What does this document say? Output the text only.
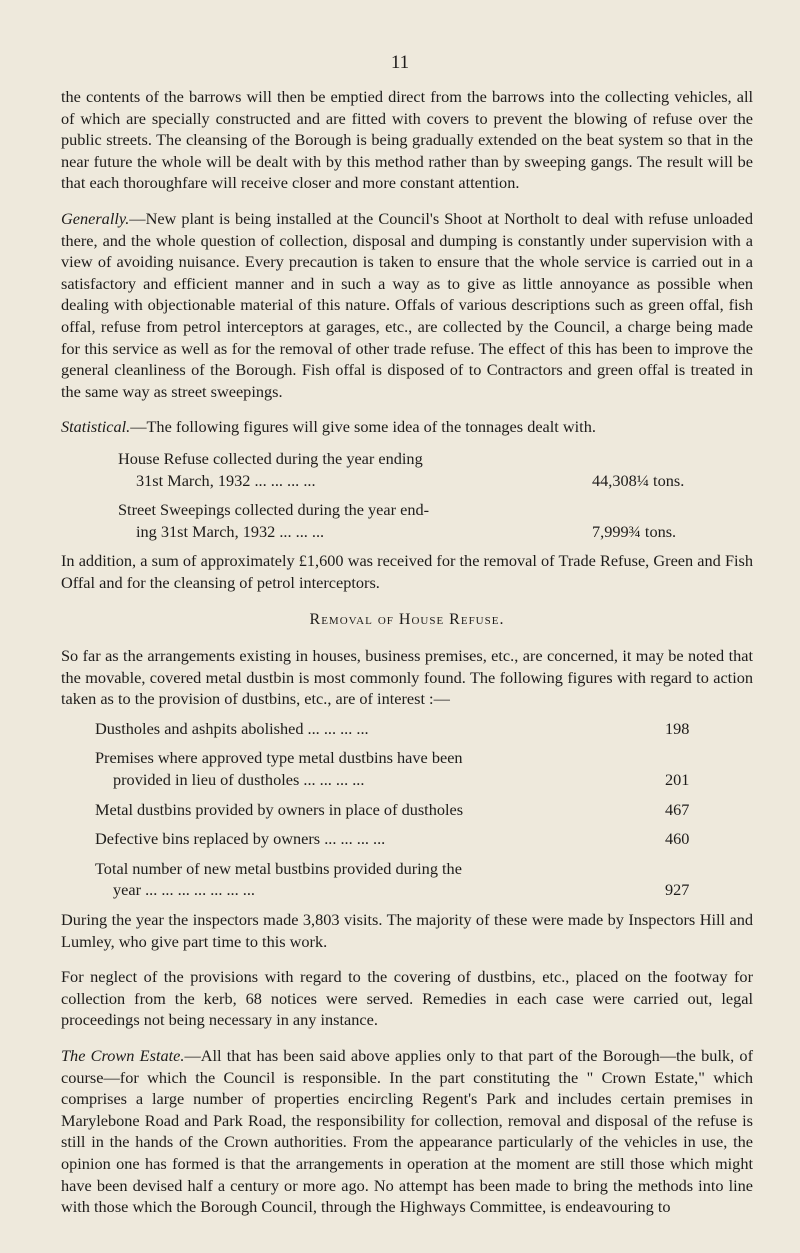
11

the contents of the barrows will then be emptied direct from the barrows into the collecting vehicles, all of which are specially constructed and are fitted with covers to prevent the blowing of refuse over the public streets. The cleansing of the Borough is being gradually extended on the beat system so that in the near future the whole will be dealt with by this method rather than by sweeping gangs. The result will be that each thoroughfare will receive closer and more constant attention.

Generally.—New plant is being installed at the Council's Shoot at Northolt to deal with refuse unloaded there, and the whole question of collection, disposal and dumping is constantly under supervision with a view of avoiding nuisance. Every precaution is taken to ensure that the whole service is carried out in a satisfactory and efficient manner and in such a way as to give as little annoyance as possible when dealing with objectionable material of this nature. Offals of various descriptions such as green offal, fish offal, refuse from petrol interceptors at garages, etc., are collected by the Council, a charge being made for this service as well as for the removal of other trade refuse. The effect of this has been to improve the general cleanliness of the Borough. Fish offal is disposed of to Contractors and green offal is treated in the same way as street sweepings.

Statistical.—The following figures will give some idea of the tonnages dealt with.

House Refuse collected during the year ending
31st March, 1932 ... ... ... ...	44,308¼ tons.
Street Sweepings collected during the year end-
ing 31st March, 1932 ... ... ...	7,999¾ tons.

In addition, a sum of approximately £1,600 was received for the removal of Trade Refuse, Green and Fish Offal and for the cleansing of petrol interceptors.

Removal of House Refuse.

So far as the arrangements existing in houses, business premises, etc., are concerned, it may be noted that the movable, covered metal dustbin is most commonly found. The following figures with regard to action taken as to the provision of dustbins, etc., are of interest :—

Dustholes and ashpits abolished ... ... ... ...	198
Premises where approved type metal dustbins have been
provided in lieu of dustholes ... ... ... ...	201
Metal dustbins provided by owners in place of dustholes	467
Defective bins replaced by owners ... ... ... ...	460
Total number of new metal bustbins provided during the
year ... ... ... ... ... ... ...	927

During the year the inspectors made 3,803 visits. The majority of these were made by Inspectors Hill and Lumley, who give part time to this work.

For neglect of the provisions with regard to the covering of dustbins, etc., placed on the footway for collection from the kerb, 68 notices were served. Remedies in each case were carried out, legal proceedings not being necessary in any instance.

The Crown Estate.—All that has been said above applies only to that part of the Borough—the bulk, of course—for which the Council is responsible. In the part constituting the " Crown Estate," which comprises a large number of properties encircling Regent's Park and includes certain premises in Marylebone Road and Park Road, the responsibility for collection, removal and disposal of the refuse is still in the hands of the Crown authorities. From the appearance particularly of the vehicles in use, the opinion one has formed is that the arrangements in operation at the moment are still those which might have been devised half a century or more ago. No attempt has been made to bring the methods into line with those which the Borough Council, through the Highways Committee, is endeavouring to
